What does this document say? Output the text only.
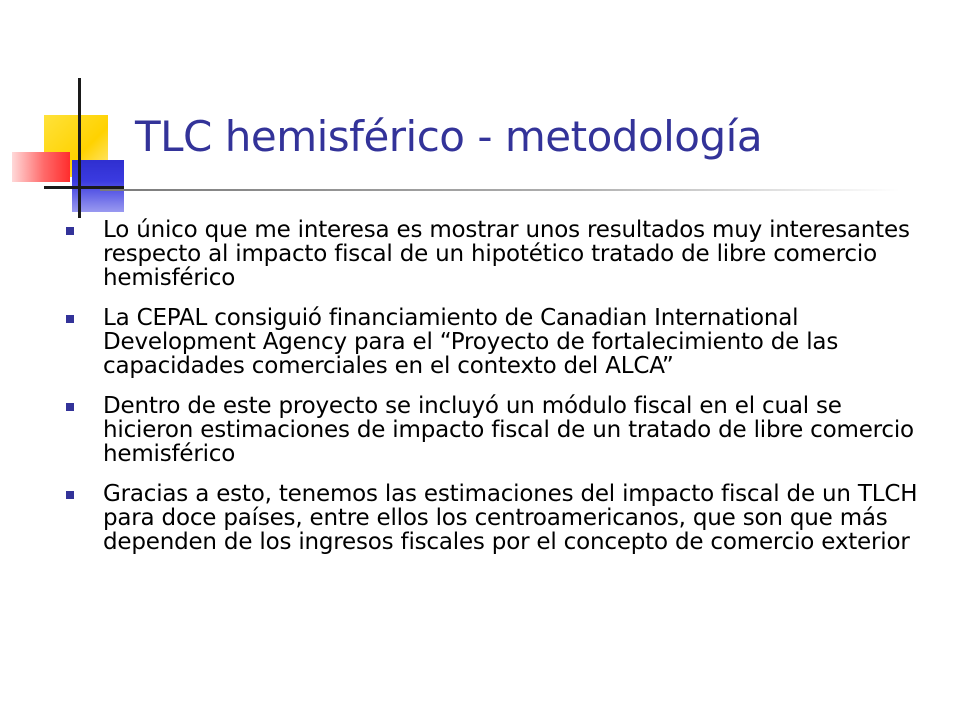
TLC hemisférico - metodología
Lo único que me interesa es mostrar unos resultados muy interesantes respecto al impacto fiscal de un hipotético tratado de libre comercio hemisférico
La CEPAL consiguió financiamiento de Canadian International Development Agency para el “Proyecto de fortalecimiento de las capacidades comerciales en el contexto del ALCA”
Dentro de este proyecto se incluyó un módulo fiscal en el cual se hicieron estimaciones de impacto fiscal de un tratado de libre comercio hemisférico
Gracias a esto, tenemos las estimaciones del impacto fiscal de un TLCH para doce países, entre ellos los centroamericanos, que son que más dependen de los ingresos fiscales por el concepto de comercio exterior
